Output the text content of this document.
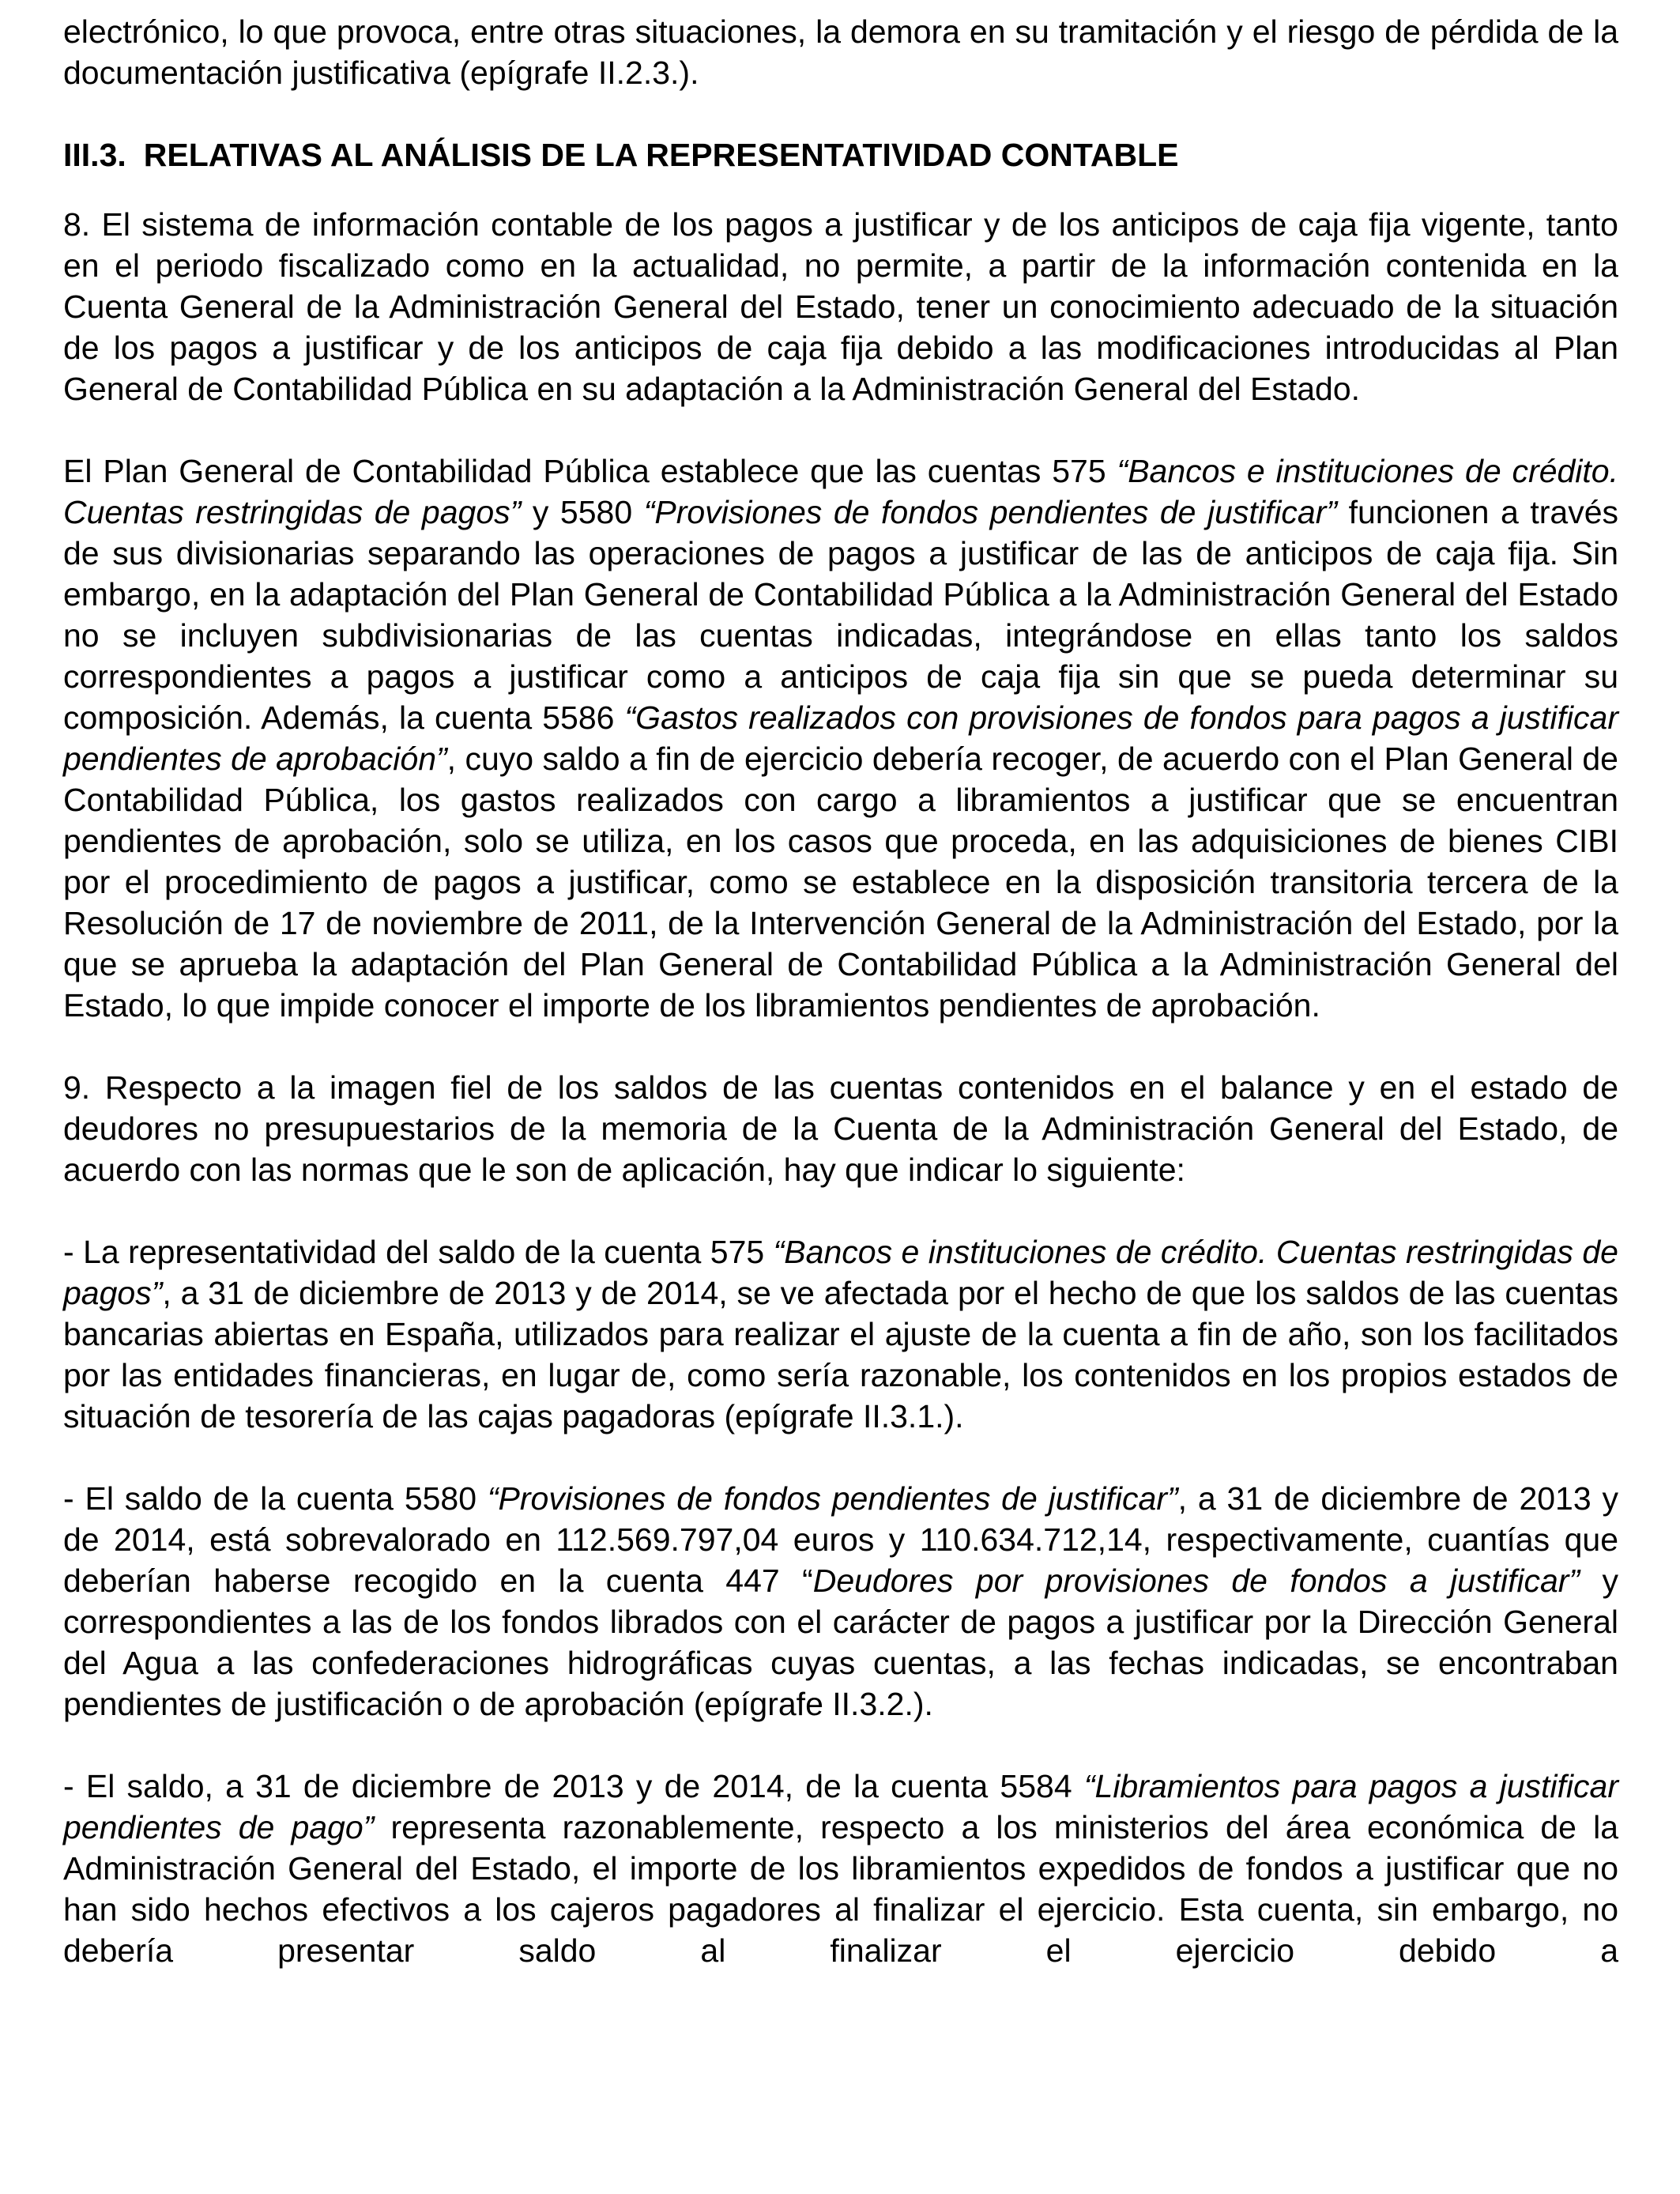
electrónico, lo que provoca, entre otras situaciones, la demora en su tramitación y el riesgo de pérdida de la documentación justificativa (epígrafe II.2.3.).

III.3. RELATIVAS AL ANÁLISIS DE LA REPRESENTATIVIDAD CONTABLE

8. El sistema de información contable de los pagos a justificar y de los anticipos de caja fija vigente, tanto en el periodo fiscalizado como en la actualidad, no permite, a partir de la información contenida en la Cuenta General de la Administración General del Estado, tener un conocimiento adecuado de la situación de los pagos a justificar y de los anticipos de caja fija debido a las modificaciones introducidas al Plan General de Contabilidad Pública en su adaptación a la Administración General del Estado.

El Plan General de Contabilidad Pública establece que las cuentas 575 “Bancos e instituciones de crédito. Cuentas restringidas de pagos” y 5580 “Provisiones de fondos pendientes de justificar” funcionen a través de sus divisionarias separando las operaciones de pagos a justificar de las de anticipos de caja fija. Sin embargo, en la adaptación del Plan General de Contabilidad Pública a la Administración General del Estado no se incluyen subdivisionarias de las cuentas indicadas, integrándose en ellas tanto los saldos correspondientes a pagos a justificar como a anticipos de caja fija sin que se pueda determinar su composición. Además, la cuenta 5586 “Gastos realizados con provisiones de fondos para pagos a justificar pendientes de aprobación”, cuyo saldo a fin de ejercicio debería recoger, de acuerdo con el Plan General de Contabilidad Pública, los gastos realizados con cargo a libramientos a justificar que se encuentran pendientes de aprobación, solo se utiliza, en los casos que proceda, en las adquisiciones de bienes CIBI por el procedimiento de pagos a justificar, como se establece en la disposición transitoria tercera de la Resolución de 17 de noviembre de 2011, de la Intervención General de la Administración del Estado, por la que se aprueba la adaptación del Plan General de Contabilidad Pública a la Administración General del Estado, lo que impide conocer el importe de los libramientos pendientes de aprobación.

9. Respecto a la imagen fiel de los saldos de las cuentas contenidos en el balance y en el estado de deudores no presupuestarios de la memoria de la Cuenta de la Administración General del Estado, de acuerdo con las normas que le son de aplicación, hay que indicar lo siguiente:

- La representatividad del saldo de la cuenta 575 “Bancos e instituciones de crédito. Cuentas restringidas de pagos”, a 31 de diciembre de 2013 y de 2014, se ve afectada por el hecho de que los saldos de las cuentas bancarias abiertas en España, utilizados para realizar el ajuste de la cuenta a fin de año, son los facilitados por las entidades financieras, en lugar de, como sería razonable, los contenidos en los propios estados de situación de tesorería de las cajas pagadoras (epígrafe II.3.1.).

- El saldo de la cuenta 5580 “Provisiones de fondos pendientes de justificar”, a 31 de diciembre de 2013 y de 2014, está sobrevalorado en 112.569.797,04 euros y 110.634.712,14, respectivamente, cuantías que deberían haberse recogido en la cuenta 447 “Deudores por provisiones de fondos a justificar” y correspondientes a las de los fondos librados con el carácter de pagos a justificar por la Dirección General del Agua a las confederaciones hidrográficas cuyas cuentas, a las fechas indicadas, se encontraban pendientes de justificación o de aprobación (epígrafe II.3.2.).

- El saldo, a 31 de diciembre de 2013 y de 2014, de la cuenta 5584 “Libramientos para pagos a justificar pendientes de pago” representa razonablemente, respecto a los ministerios del área económica de la Administración General del Estado, el importe de los libramientos expedidos de fondos a justificar que no han sido hechos efectivos a los cajeros pagadores al finalizar el ejercicio. Esta cuenta, sin embargo, no debería presentar saldo al finalizar el ejercicio debido a
